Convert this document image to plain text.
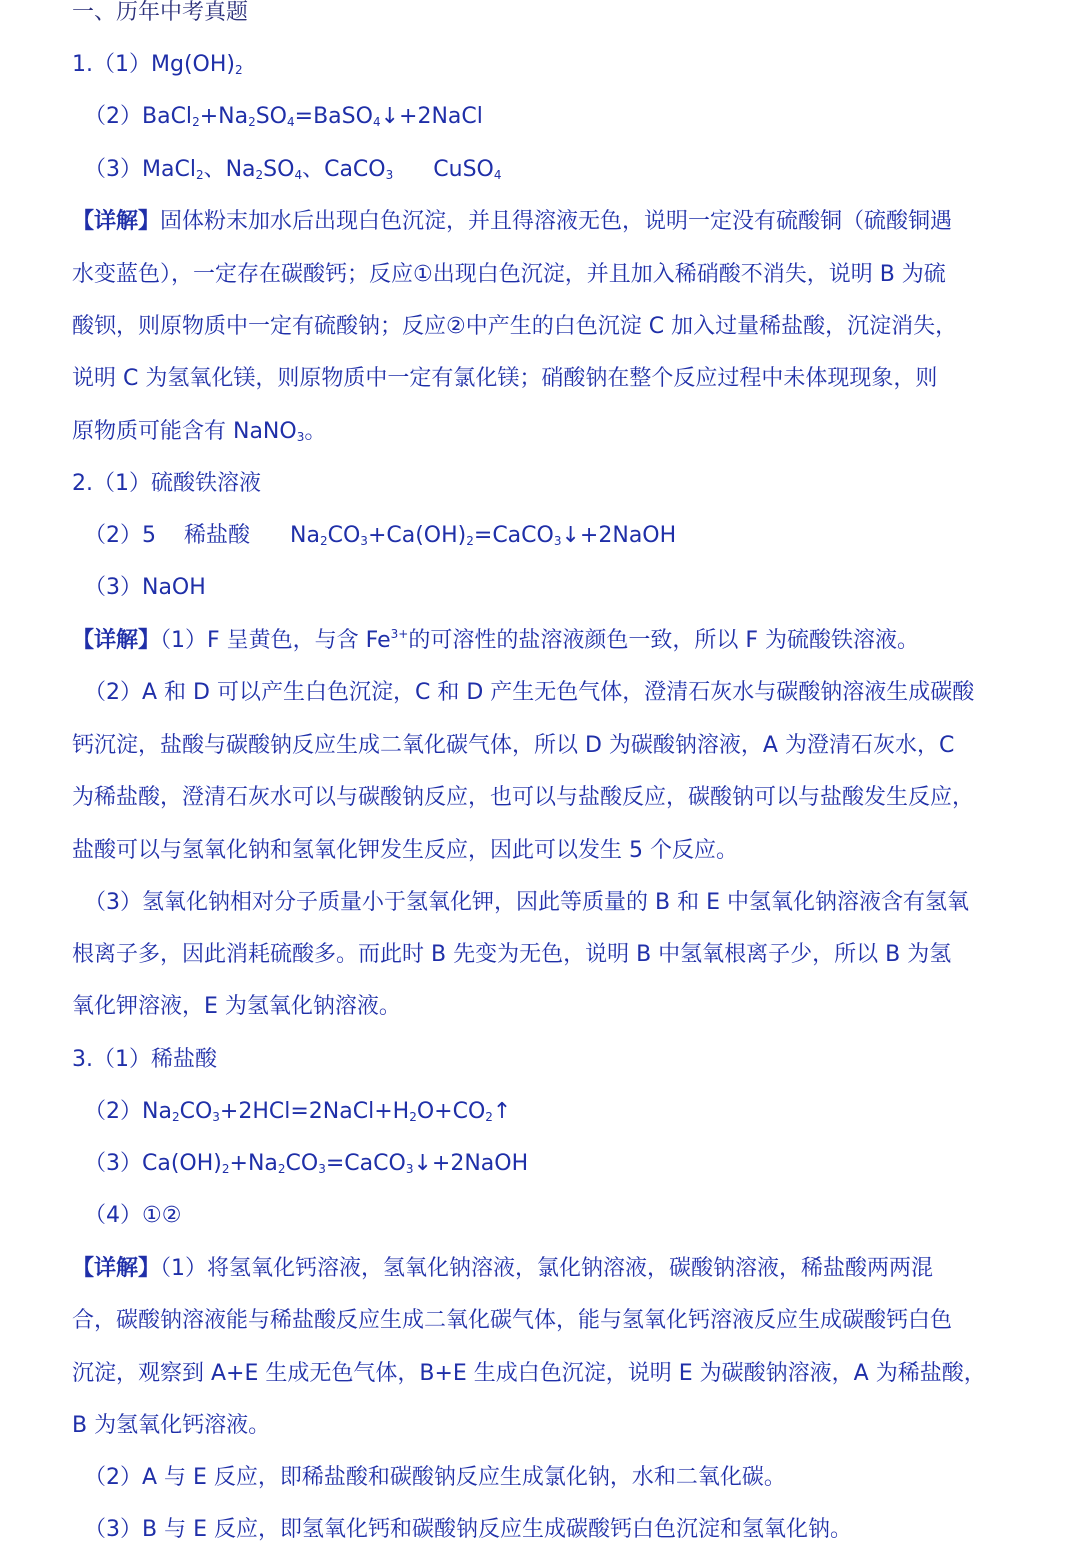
一、历年中考真题
$1.(1)Mg(OH)_2$
$(2)BaCl_2+Na_2SO_4=BaSO_4↓+2NaCl$
（3）MaCl$_2$、$Na_2SO_4$、CaCO$_3$ CuSO$_4$
【详解】固体粉末加水后出现白色沉淀，并且得溶液无色，说明一定没有硫酸铜（硫酸铜遇
水变蓝色），一定存在碳酸钙；反应①出现白色沉淀，并且加入稀硝酸不消失，说明 B 为硫
酸钡，则原物质中一定有硫酸钠；反应②中产生的白色沉淀 C 加入过量稀盐酸，沉淀消失，
说明 C 为氢氧化镁，则原物质中一定有氯化镁；硝酸钠在整个反应过程中未体现现象，则
原物质可能含有 NaNO$_3$。
2.（1）硫酸铁溶液
（2）5 稀盐酸 $Na_2CO_3+Ca(OH)_2=CaCO_3↓+2NaOH$
（3）NaOH
【详解】（1）F 呈黄色，与含 $Fe^{3+}$的可溶性的盐溶液颜色一致，所以 F 为硫酸铁溶液。
（2）A 和 D 可以产生白色沉淀，C 和 D 产生无色气体，澄清石灰水与碳酸钠溶液生成碳酸
钙沉淀，盐酸与碳酸钠反应生成二氧化碳气体，所以 D 为碳酸钠溶液，A 为澄清石灰水，C
为稀盐酸，澄清石灰水可以与碳酸钠反应，也可以与盐酸反应，碳酸钠可以与盐酸发生反应，
盐酸可以与氢氧化钠和氢氧化钾发生反应，因此可以发生 5 个反应。
（3）氢氧化钠相对分子质量小于氢氧化钾，因此等质量的 B 和 E 中氢氧化钠溶液含有氢氧
根离子多，因此消耗硫酸多。而此时 B 先变为无色，说明 B 中氢氧根离子少，所以 B 为氢
氧化钾溶液，E 为氢氧化钠溶液。
3.（1）稀盐酸
$(2)Na_2CO_3+2HCl=2NaCl+H_2O+CO_2↑$
$(3)Ca(OH)_2+Na_2CO_3=CaCO_3↓+2NaOH$
（4）①②
【详解】（1）将氢氧化钙溶液，氢氧化钠溶液，氯化钠溶液，碳酸钠溶液，稀盐酸两两混
合，碳酸钠溶液能与稀盐酸反应生成二氧化碳气体，能与氢氧化钙溶液反应生成碳酸钙白色
沉淀，观察到 A+E 生成无色气体，B+E 生成白色沉淀，说明 E 为碳酸钠溶液，A 为稀盐酸，
B 为氢氧化钙溶液。
（2）A 与 E 反应，即稀盐酸和碳酸钠反应生成氯化钠，水和二氧化碳。
（3）B 与 E 反应，即氢氧化钙和碳酸钠反应生成碳酸钙白色沉淀和氢氧化钠。
